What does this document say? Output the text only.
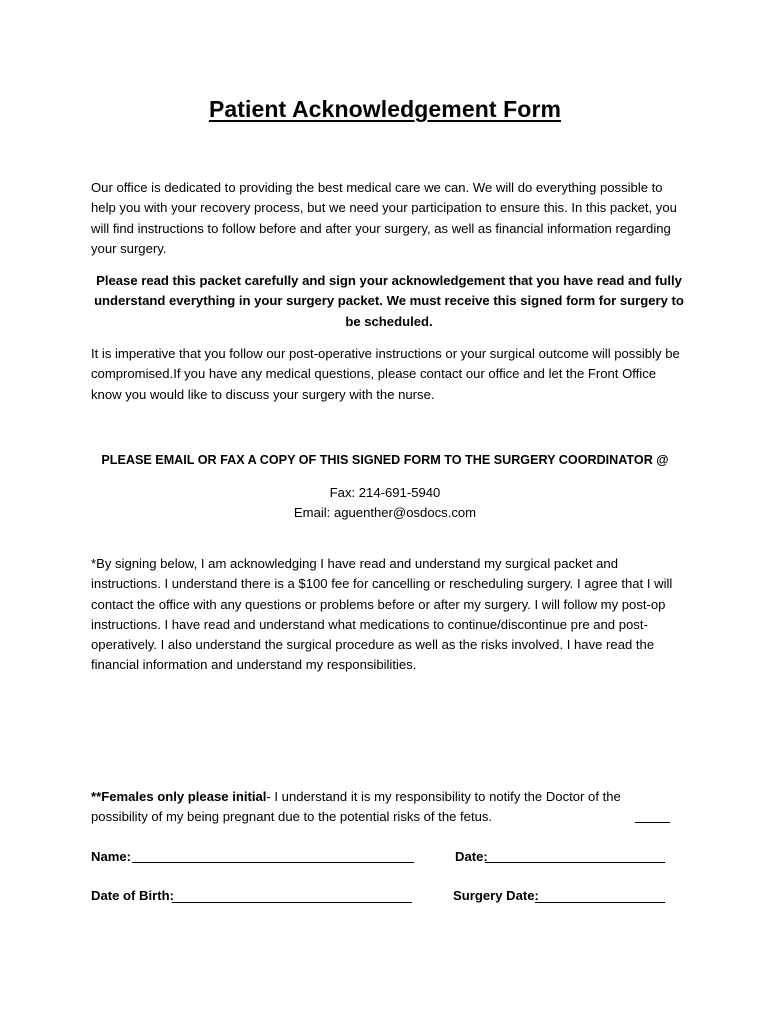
Patient Acknowledgement Form
Our office is dedicated to providing the best medical care we can. We will do everything possible to help you with your recovery process, but we need your participation to ensure this. In this packet, you will find instructions to follow before and after your surgery, as well as financial information regarding your surgery.
Please read this packet carefully and sign your acknowledgement that you have read and fully understand everything in your surgery packet. We must receive this signed form for surgery to be scheduled.
It is imperative that you follow our post-operative instructions or your surgical outcome will possibly be compromised.If you have any medical questions, please contact our office and let the Front Office know you would like to discuss your surgery with the nurse.
PLEASE EMAIL OR FAX A COPY OF THIS SIGNED FORM TO THE SURGERY COORDINATOR @
Fax: 214-691-5940
Email: aguenther@osdocs.com
*By signing below, I am acknowledging I have read and understand my surgical packet and instructions. I understand there is a $100 fee for cancelling or rescheduling surgery. I agree that I will contact the office with any questions or problems before or after my surgery. I will follow my post-op instructions. I have read and understand what medications to continue/discontinue pre and post-operatively. I also understand the surgical procedure as well as the risks involved. I have read the financial information and understand my responsibilities.
**Females only please initial- I understand it is my responsibility to notify the Doctor of the possibility of my being pregnant due to the potential risks of the fetus.
Name:	Date:
Date of Birth:	Surgery Date:
